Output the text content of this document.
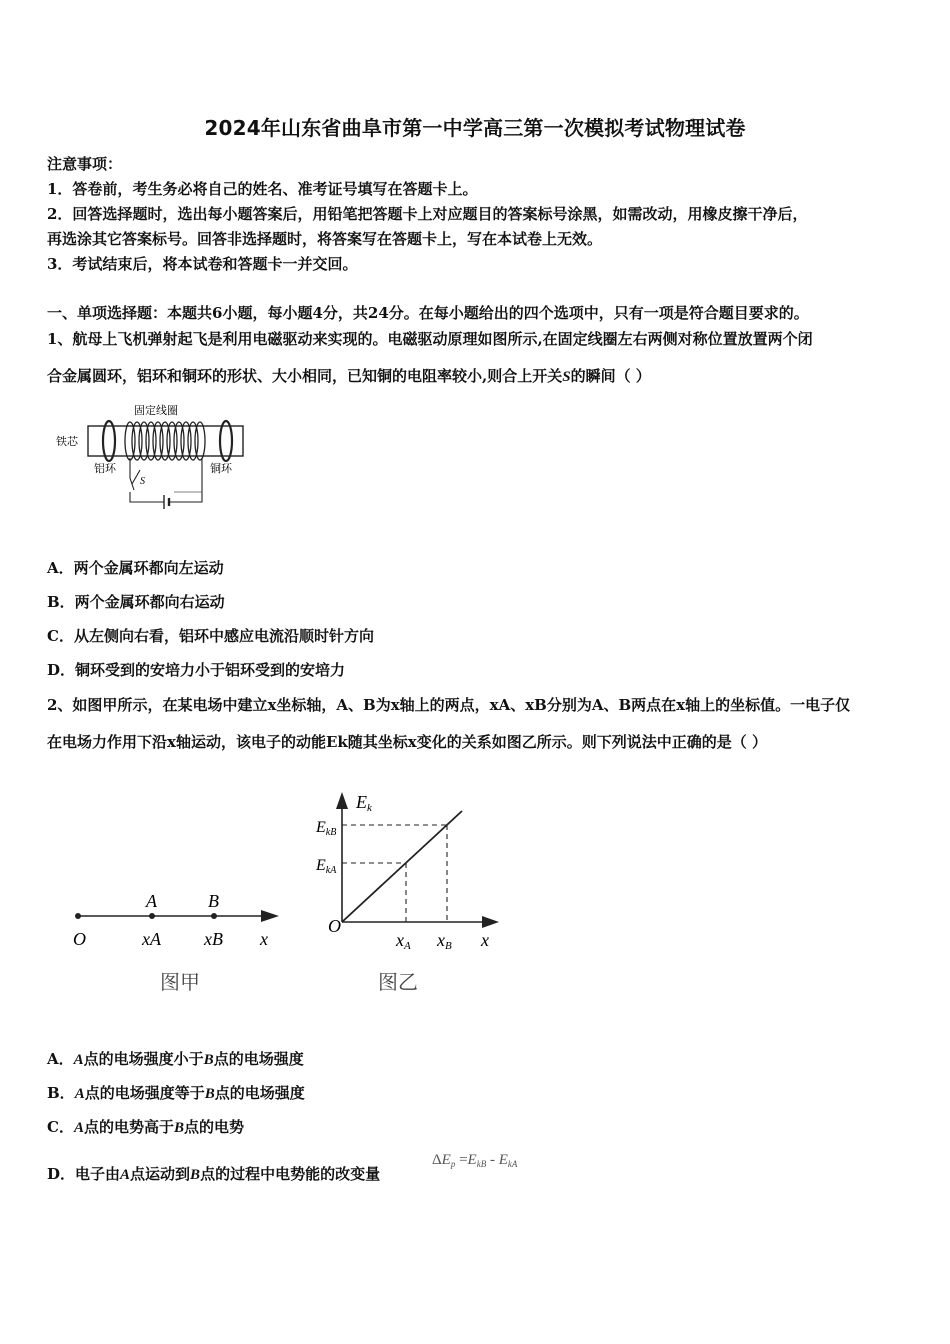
2024年山东省曲阜市第一中学高三第一次模拟考试物理试卷
注意事项：
1．答卷前，考生务必将自己的姓名、准考证号填写在答题卡上。
2．回答选择题时，选出每小题答案后，用铅笔把答题卡上对应题目的答案标号涂黑，如需改动，用橡皮擦干净后，
再选涂其它答案标号。回答非选择题时，将答案写在答题卡上，写在本试卷上无效。
3．考试结束后，将本试卷和答题卡一并交回。
一、单项选择题：本题共6小题，每小题4分，共24分。在每小题给出的四个选项中，只有一项是符合题目要求的。
1、航母上飞机弹射起飞是利用电磁驱动来实现的。电磁驱动原理如图所示,在固定线圈左右两侧对称位置放置两个闭
合金属圆环，铝环和铜环的形状、大小相同，已知铜的电阻率较小,则合上开关S的瞬间（ ）
固定线圈
铁芯
铝环	铜环
S
A．两个金属环都向左运动
B．两个金属环都向右运动
C．从左侧向右看，铝环中感应电流沿顺时针方向
D．铜环受到的安培力小于铝环受到的安培力
2、如图甲所示，在某电场中建立x坐标轴，A、B为x轴上的两点，xA、xB分别为A、B两点在x轴上的坐标值。一电子仅
在电场力作用下沿x轴运动，该电子的动能Ek随其坐标x变化的关系如图乙所示。则下列说法中正确的是（ ）
A	B
O	xA xB x
图甲
Ek
EkB
EkA
O
xA xB x
图乙
A．A点的电场强度小于B点的电场强度
B．A点的电场强度等于B点的电场强度
C．A点的电势高于B点的电势
D．电子由A点运动到B点的过程中电势能的改变量
$\Delta E_p =E_{kB} - E_{kA}$
